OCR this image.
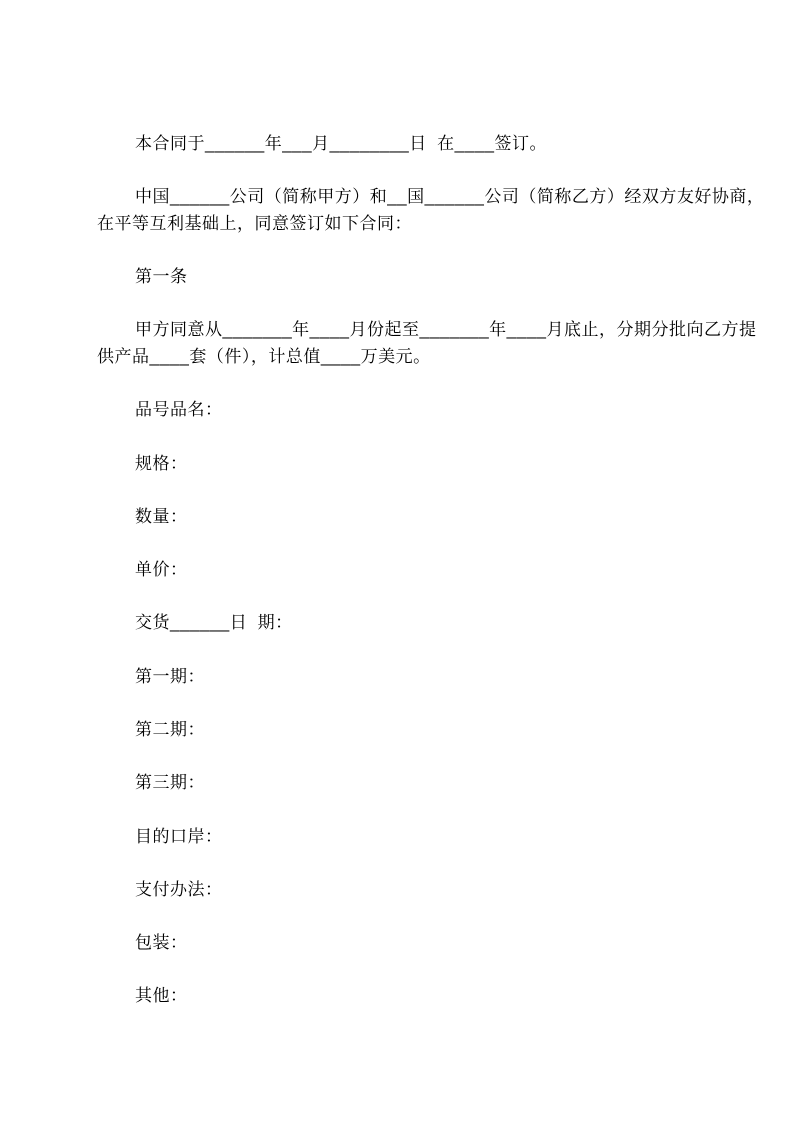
本合同于______年___月________日  在____签订。
中国______公司（简称甲方）和__国______公司（简称乙方）经双方友好协商，
在平等互利基础上，同意签订如下合同：
第一条
甲方同意从_______年____月份起至_______年____月底止，分期分批向乙方提
供产品____套（件），计总值____万美元。
品号品名：
规格：
数量：
单价：
交货______日  期：
第一期：
第二期：
第三期：
目的口岸：
支付办法：
包装：
其他：
